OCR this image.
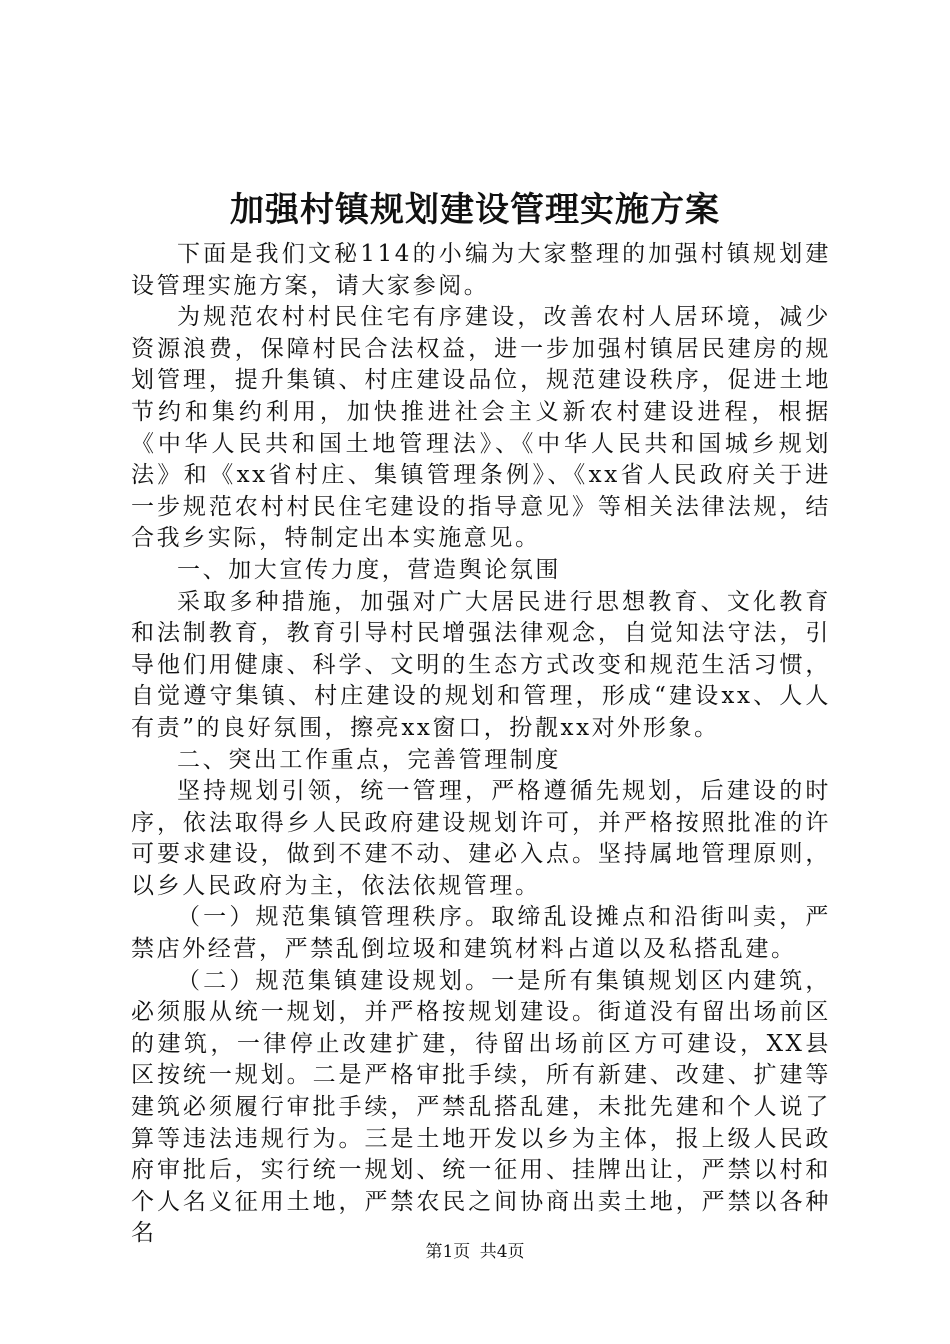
加强村镇规划建设管理实施方案

下面是我们文秘114的小编为大家整理的加强村镇规划建设管理实施方案，请大家参阅。

为规范农村村民住宅有序建设，改善农村人居环境，减少资源浪费，保障村民合法权益，进一步加强村镇居民建房的规划管理，提升集镇、村庄建设品位，规范建设秩序，促进土地节约和集约利用，加快推进社会主义新农村建设进程，根据《中华人民共和国土地管理法》、《中华人民共和国城乡规划法》和《xx省村庄、集镇管理条例》、《xx省人民政府关于进一步规范农村村民住宅建设的指导意见》等相关法律法规，结合我乡实际，特制定出本实施意见。

一、加大宣传力度，营造舆论氛围

采取多种措施，加强对广大居民进行思想教育、文化教育和法制教育，教育引导村民增强法律观念，自觉知法守法，引导他们用健康、科学、文明的生态方式改变和规范生活习惯，自觉遵守集镇、村庄建设的规划和管理，形成“建设xx、人人有责”的良好氛围，擦亮xx窗口，扮靓xx对外形象。

二、突出工作重点，完善管理制度

坚持规划引领，统一管理，严格遵循先规划，后建设的时序，依法取得乡人民政府建设规划许可，并严格按照批准的许可要求建设，做到不建不动、建必入点。坚持属地管理原则，以乡人民政府为主，依法依规管理。

（一）规范集镇管理秩序。取缔乱设摊点和沿街叫卖，严禁店外经营，严禁乱倒垃圾和建筑材料占道以及私搭乱建。

（二）规范集镇建设规划。一是所有集镇规划区内建筑，必须服从统一规划，并严格按规划建设。街道没有留出场前区的建筑，一律停止改建扩建，待留出场前区方可建设，XX县区按统一规划。二是严格审批手续，所有新建、改建、扩建等建筑必须履行审批手续，严禁乱搭乱建，未批先建和个人说了算等违法违规行为。三是土地开发以乡为主体，报上级人民政府审批后，实行统一规划、统一征用、挂牌出让，严禁以村和个人名义征用土地，严禁农民之间协商出卖土地，严禁以各种名

第1页 共4页
